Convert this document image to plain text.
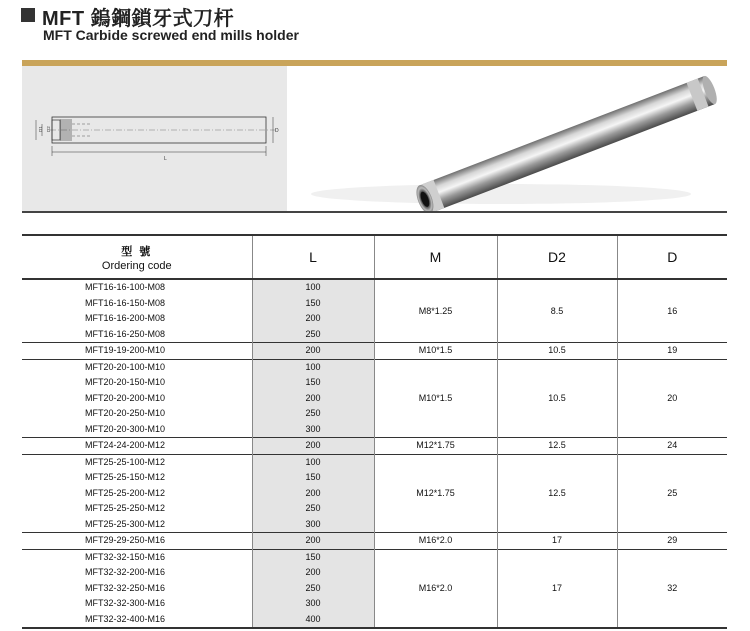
MFT 鎢鋼鎖牙式刀杆
MFT Carbide screwed end mills holder
L
D
D1 D2
型 號
Ordering code	L	M	D2	D
MFT16-16-100-M08	100	M8*1.25	8.5	16
MFT16-16-150-M08	150			
MFT16-16-200-M08	200			
MFT16-16-250-M08	250			
MFT19-19-200-M10	200	M10*1.5	10.5	19
MFT20-20-100-M10	100	M10*1.5	10.5	20
MFT20-20-150-M10	150			
MFT20-20-200-M10	200			
MFT20-20-250-M10	250			
MFT20-20-300-M10	300			
MFT24-24-200-M12	200	M12*1.75	12.5	24
MFT25-25-100-M12	100	M12*1.75	12.5	25
MFT25-25-150-M12	150			
MFT25-25-200-M12	200			
MFT25-25-250-M12	250			
MFT25-25-300-M12	300			
MFT29-29-250-M16	200	M16*2.0	17	29
MFT32-32-150-M16	150	M16*2.0	17	32
MFT32-32-200-M16	200			
MFT32-32-250-M16	250			
MFT32-32-300-M16	300			
MFT32-32-400-M16	400			
